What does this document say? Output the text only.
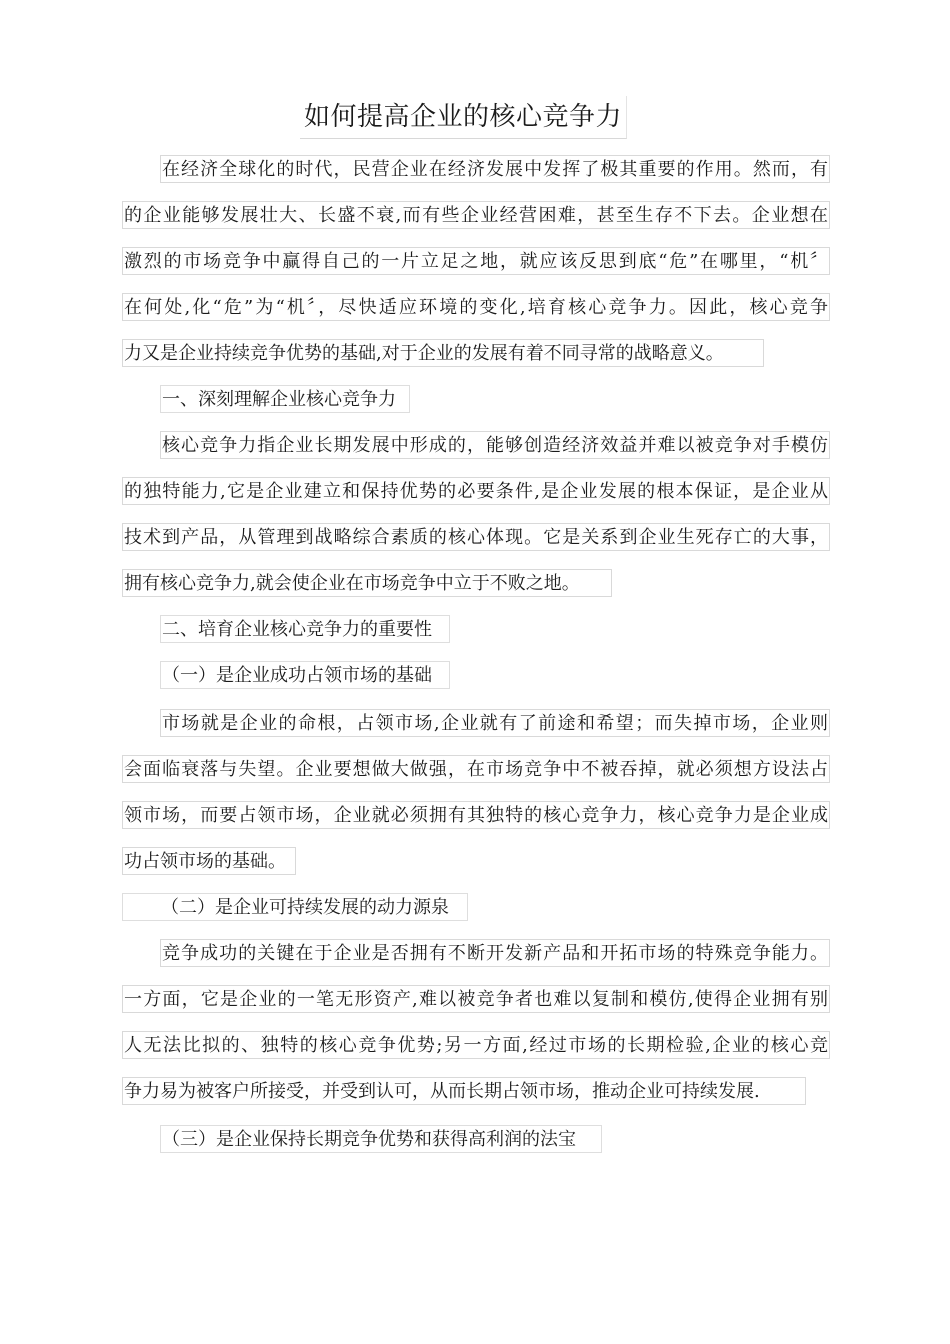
如何提高企业的核心竞争力
在经济全球化的时代，民营企业在经济发展中发挥了极其重要的作用。然而，有
的企业能够发展壮大、长盛不衰,而有些企业经营困难，甚至生存不下去。企业想在
激烈的市场竞争中赢得自己的一片立足之地，就应该反思到底“危”在哪里，“机〞
在何处,化“危”为“机〞，尽快适应环境的变化,培育核心竞争力。因此，核心竞争
力又是企业持续竞争优势的基础,对于企业的发展有着不同寻常的战略意义。
一、深刻理解企业核心竞争力
核心竞争力指企业长期发展中形成的，能够创造经济效益并难以被竞争对手模仿
的独特能力,它是企业建立和保持优势的必要条件,是企业发展的根本保证，是企业从
技术到产品，从管理到战略综合素质的核心体现。它是关系到企业生死存亡的大事，
拥有核心竞争力,就会使企业在市场竞争中立于不败之地。
二、培育企业核心竞争力的重要性
（一）是企业成功占领市场的基础
市场就是企业的命根，占领市场,企业就有了前途和希望；而失掉市场，企业则
会面临衰落与失望。企业要想做大做强，在市场竞争中不被吞掉，就必须想方设法占
领市场，而要占领市场，企业就必须拥有其独特的核心竞争力，核心竞争力是企业成
功占领市场的基础。
（二）是企业可持续发展的动力源泉
竞争成功的关键在于企业是否拥有不断开发新产品和开拓市场的特殊竞争能力。
一方面，它是企业的一笔无形资产,难以被竞争者也难以复制和模仿,使得企业拥有别
人无法比拟的、独特的核心竞争优势;另一方面,经过市场的长期检验,企业的核心竞
争力易为被客户所接受，并受到认可，从而长期占领市场，推动企业可持续发展.
（三）是企业保持长期竞争优势和获得高利润的法宝
